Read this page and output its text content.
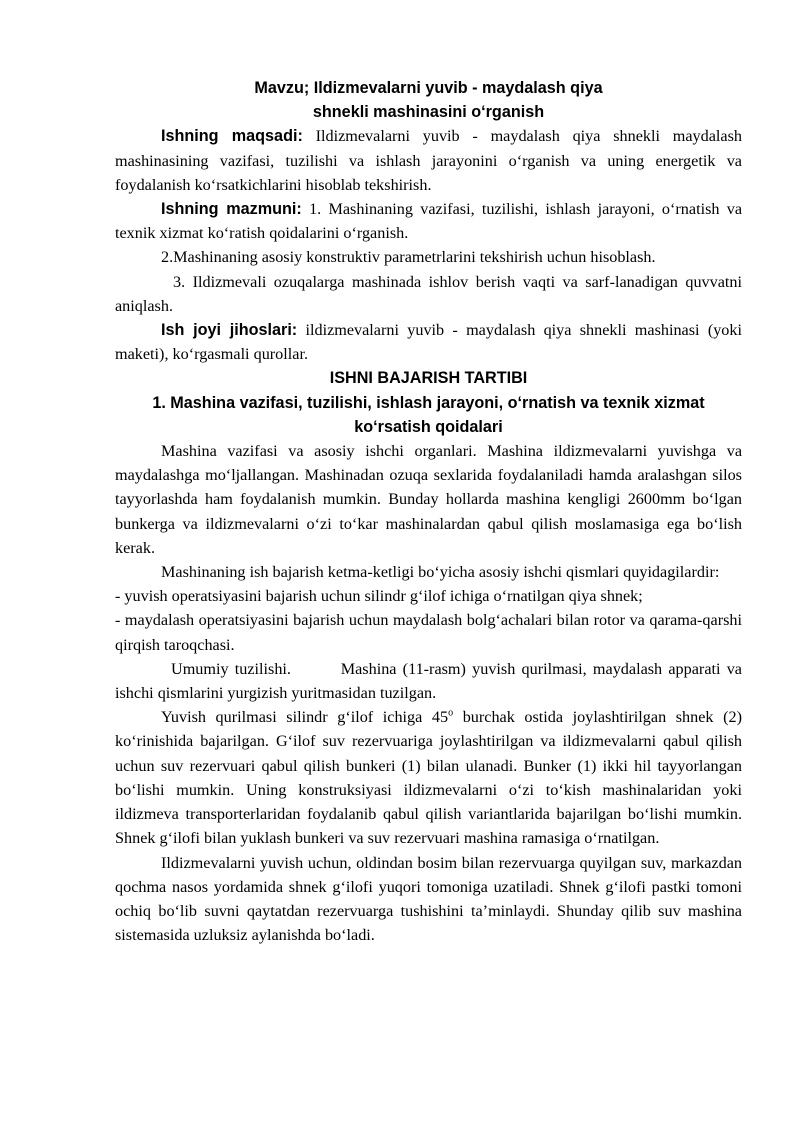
Mavzu; Ildizmevalarni yuvib - maydalash qiya

shnekli mashinasini o‘rganish

Ishning maqsadi: Ildizmevalarni yuvib - maydalash qiya shnekli maydalash mashinasining vazifasi, tuzilishi va ishlash jarayonini o‘rganish va uning energetik va foydalanish ko‘rsatkichlarini hisoblab tekshirish.

Ishning mazmuni: 1. Mashinaning vazifasi, tuzilishi, ishlash jarayoni, o‘rnatish va texnik xizmat ko‘ratish qoidalarini o‘rganish.

2.Mashinaning asosiy konstruktiv parametrlarini tekshirish uchun hisoblash.

3. Ildizmevali ozuqalarga mashinada ishlov berish vaqti va sarf-lanadigan quvvatni aniqlash.

Ish joyi jihoslari: ildizmevalarni yuvib - maydalash qiya shnekli mashinasi (yoki maketi), ko‘rgasmali qurollar.

ISHNI BAJARISH TARTIBI

1. Mashina vazifasi, tuzilishi, ishlash jarayoni, o‘rnatish va texnik xizmat

ko‘rsatish qoidalari

Mashina vazifasi va asosiy ishchi organlari. Mashina ildizmevalarni yuvishga va maydalashga mo‘ljallangan. Mashinadan ozuqa sexlarida foydalaniladi hamda aralashgan silos tayyorlashda ham foydalanish mumkin. Bunday hollarda mashina kengligi 2600mm bo‘lgan bunkerga va ildizmevalarni o‘zi to‘kar mashinalardan qabul qilish moslamasiga ega bo‘lish kerak.

Mashinaning ish bajarish ketma-ketligi bo‘yicha asosiy ishchi qismlari quyidagilardir:

- yuvish operatsiyasini bajarish uchun silindr g‘ilof ichiga o‘rnatilgan qiya shnek;

- maydalash operatsiyasini bajarish uchun maydalash bolg‘achalari bilan rotor va qarama-qarshi qirqish taroqchasi.

Umumiy tuzilishi.        Mashina (11-rasm) yuvish qurilmasi, maydalash apparati va ishchi qismlarini yurgizish yuritmasidan tuzilgan.

Yuvish qurilmasi silindr g‘ilof ichiga 45$^o$ burchak ostida joylashtirilgan shnek (2) ko‘rinishida bajarilgan. G‘ilof suv rezervuariga joylashtirilgan va ildizmevalarni qabul qilish uchun suv rezervuari qabul qilish bunkeri (1) bilan ulanadi. Bunker (1) ikki hil tayyorlangan bo‘lishi mumkin. Uning konstruksiyasi ildizmevalarni o‘zi to‘kish mashinalaridan yoki ildizmeva transporterlaridan foydalanib qabul qilish variantlarida bajarilgan bo‘lishi mumkin. Shnek g‘ilofi bilan yuklash bunkeri va suv rezervuari mashina ramasiga o‘rnatilgan.

Ildizmevalarni yuvish uchun, oldindan bosim bilan rezervuarga quyilgan suv, markazdan qochma nasos yordamida shnek g‘ilofi yuqori tomoniga uzatiladi. Shnek g‘ilofi pastki tomoni ochiq bo‘lib suvni qaytatdan rezervuarga tushishini ta’minlaydi. Shunday qilib suv mashina sistemasida uzluksiz aylanishda bo‘ladi.
